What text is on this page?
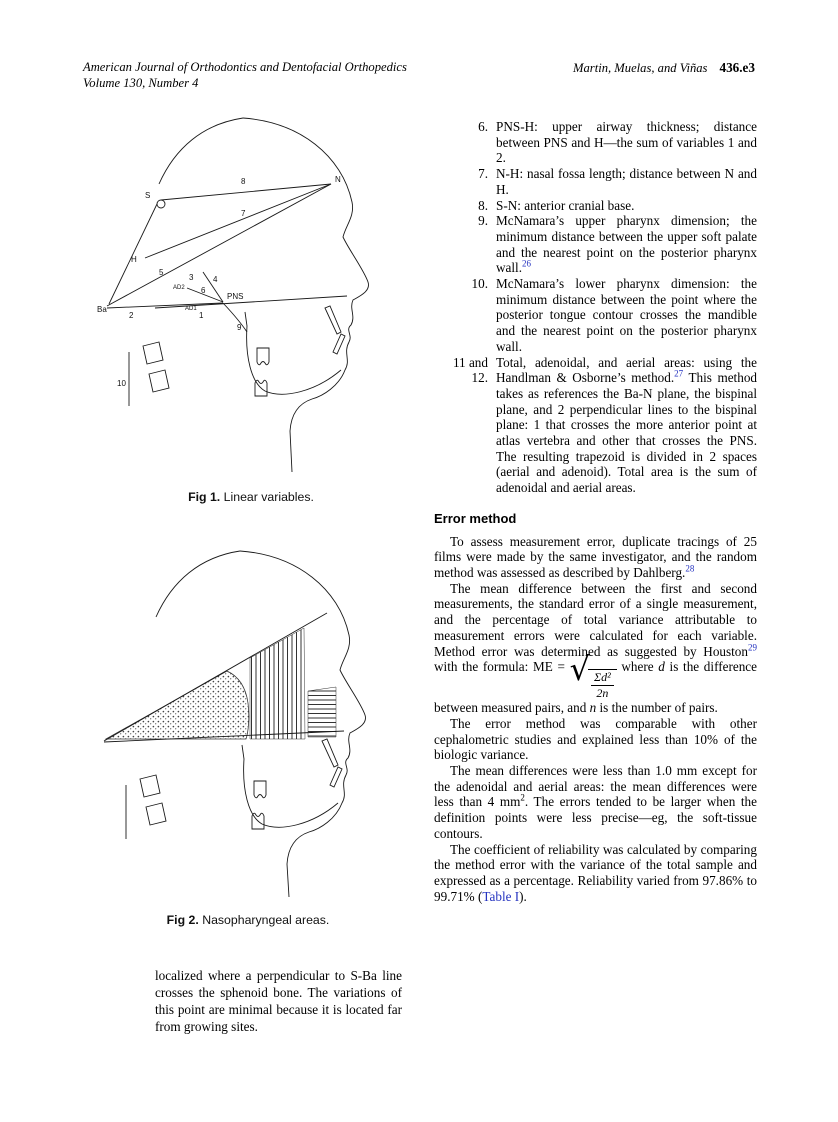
American Journal of Orthodontics and Dentofacial Orthopedics
Volume 130, Number 4
Martin, Muelas, and Viñas 436.e3
N
S
8
7
H
Ba
PNS
AD2
AD1
1
2
3 4
5
6
9
10
Fig 1. Linear variables.
Fig 2. Nasopharyngeal areas.
localized where a perpendicular to S-Ba line crosses the sphenoid bone. The variations of this point are minimal because it is located far from growing sites.
6. PNS-H: upper airway thickness; distance between PNS and H—the sum of variables 1 and 2.
7. N-H: nasal fossa length; distance between N and H.
8. S-N: anterior cranial base.
9. McNamara’s upper pharynx dimension; the minimum distance between the upper soft palate and the nearest point on the posterior pharynx wall.$^{26}$
10. McNamara’s lower pharynx dimension: the minimum distance between the point where the posterior tongue contour crosses the mandible and the nearest point on the posterior pharynx wall.
11 and 12.
Total, adenoidal, and aerial areas: using the Handlman & Osborne’s method.$^{27}$ This method takes as references the Ba-N plane, the bispinal plane, and 2 perpendicular lines to the bispinal plane: 1 that crosses the more anterior point at atlas vertebra and other that crosses the PNS. The resulting trapezoid is divided in 2 spaces (aerial and adenoid). Total area is the sum of adenoidal and aerial areas.
Error method

To assess measurement error, duplicate tracings of 25 films were made by the same investigator, and the random method was assessed as described by Dahlberg.$^{28}$

The mean difference between the first and second measurements, the standard error of a single measurement, and the percentage of total variance attributable to measurement errors were calculated for each variable. Method error was determined as suggested by Houston$^{29}$ with the formula: ME = √ $\frac{\text{Σd²}}{2n}$
where d is the difference between measured pairs, and n is the number of pairs.

The error method was comparable with other cephalometric studies and explained less than 10% of the biologic variance.

The mean differences were less than 1.0 mm except for the adenoidal and aerial areas: the mean differences were less than 4 $mm^2$. The errors tended to be larger when the definition points were less precise—eg, the soft-tissue contours.

The coefficient of reliability was calculated by comparing the method error with the variance of the total sample and expressed as a percentage. Reliability varied from 97.86% to 99.71% (Table I).
